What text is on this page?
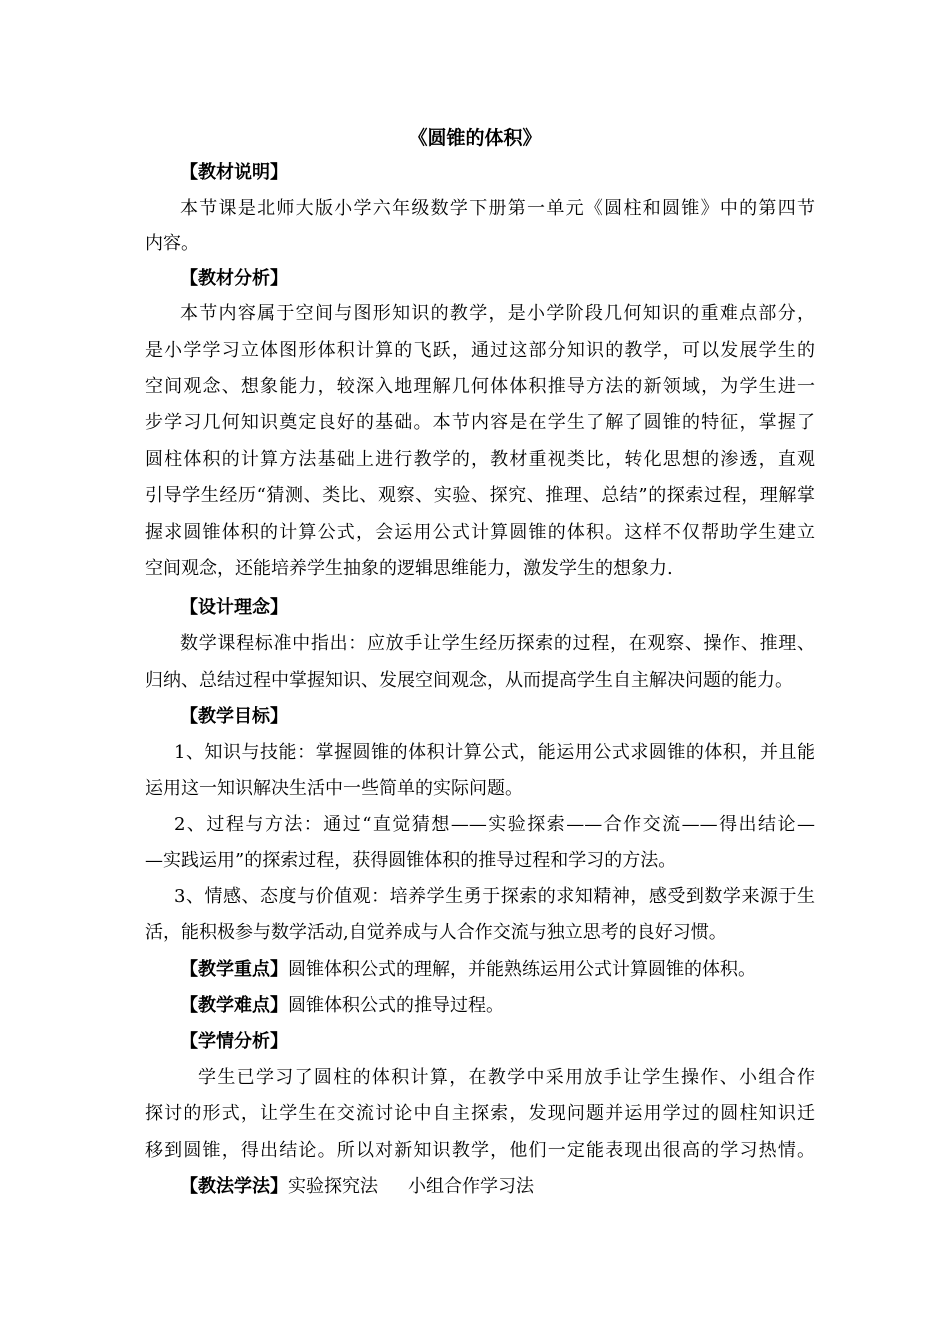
《圆锥的体积》
【教材说明】
本节课是北师大版小学六年级数学下册第一单元《圆柱和圆锥》中的第四节
内容。
【教材分析】
本节内容属于空间与图形知识的教学，是小学阶段几何知识的重难点部分，
是小学学习立体图形体积计算的飞跃，通过这部分知识的教学，可以发展学生的
空间观念、想象能力，较深入地理解几何体体积推导方法的新领域，为学生进一
步学习几何知识奠定良好的基础。本节内容是在学生了解了圆锥的特征，掌握了
圆柱体积的计算方法基础上进行教学的，教材重视类比，转化思想的渗透，直观
引导学生经历“猜测、类比、观察、实验、探究、推理、总结”的探索过程，理解掌
握求圆锥体积的计算公式，会运用公式计算圆锥的体积。这样不仅帮助学生建立
空间观念，还能培养学生抽象的逻辑思维能力，激发学生的想象力.
【设计理念】
数学课程标准中指出：应放手让学生经历探索的过程，在观察、操作、推理、
归纳、总结过程中掌握知识、发展空间观念，从而提高学生自主解决问题的能力。
【教学目标】
1、知识与技能：掌握圆锥的体积计算公式，能运用公式求圆锥的体积，并且能
运用这一知识解决生活中一些简单的实际问题。
2、过程与方法：通过“直觉猜想——实验探索——合作交流——得出结论—
—实践运用”的探索过程，获得圆锥体积的推导过程和学习的方法。
3、情感、态度与价值观：培养学生勇于探索的求知精神，感受到数学来源于生
活，能积极参与数学活动,自觉养成与人合作交流与独立思考的良好习惯。
【教学重点】圆锥体积公式的理解，并能熟练运用公式计算圆锥的体积。
【教学难点】圆锥体积公式的推导过程。
【学情分析】
学生已学习了圆柱的体积计算，在教学中采用放手让学生操作、小组合作
探讨的形式，让学生在交流讨论中自主探索，发现问题并运用学过的圆柱知识迁
移到圆锥，得出结论。所以对新知识教学，他们一定能表现出很高的学习热情。
【教法学法】实验探究法 小组合作学习法
